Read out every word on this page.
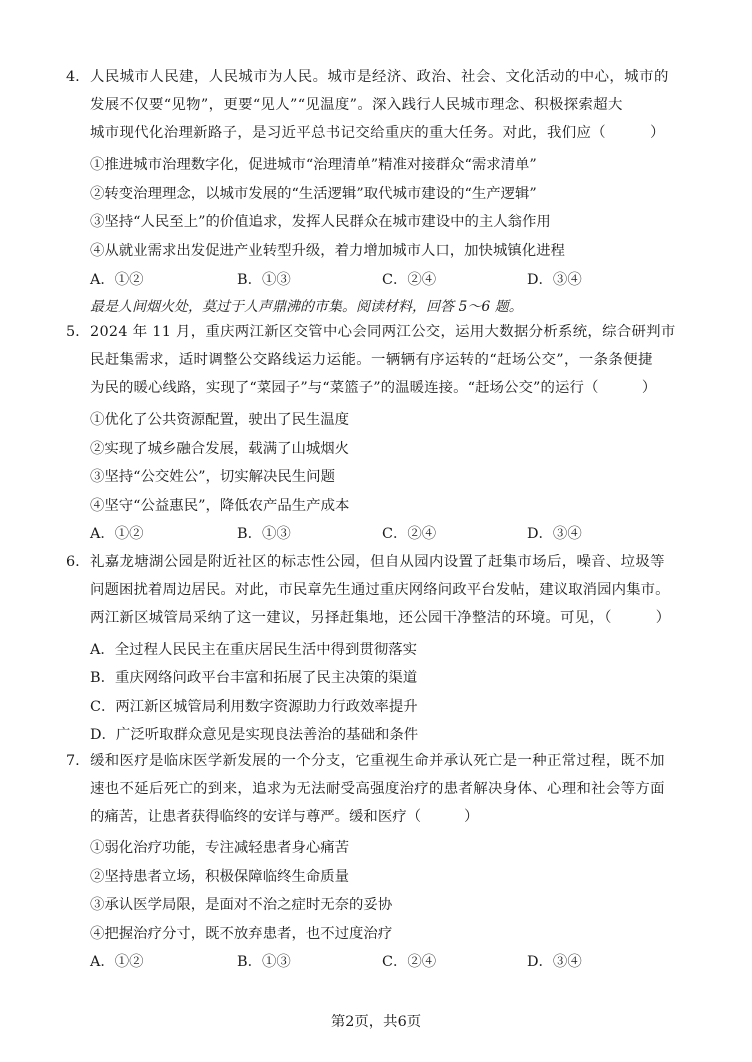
4. 人民城市人民建，人民城市为人民。城市是经济、政治、社会、文化活动的中心，城市的
发展不仅要“见物”，更要“见人”“见温度”。深入践行人民城市理念、积极探索超大
城市现代化治理新路子，是习近平总书记交给重庆的重大任务。对此，我们应（　　　）
①推进城市治理数字化，促进城市“治理清单”精准对接群众“需求清单”
②转变治理理念，以城市发展的“生活逻辑”取代城市建设的“生产逻辑”
③坚持“人民至上”的价值追求，发挥人民群众在城市建设中的主人翁作用
④从就业需求出发促进产业转型升级，着力增加城市人口，加快城镇化进程
A．①②	B．①③	C．②④	D．③④
最是人间烟火处，莫过于人声鼎沸的市集。阅读材料，回答 5～6 题。
5. 2024 年 11 月，重庆两江新区交管中心会同两江公交，运用大数据分析系统，综合研判市
民赶集需求，适时调整公交路线运力运能。一辆辆有序运转的“赶场公交”，一条条便捷
为民的暖心线路，实现了“菜园子”与“菜篮子”的温暖连接。“赶场公交”的运行（　　　）
①优化了公共资源配置，驶出了民生温度
②实现了城乡融合发展，载满了山城烟火
③坚持“公交姓公”，切实解决民生问题
④坚守“公益惠民”，降低农产品生产成本
A．①②	B．①③	C．②④	D．③④
6. 礼嘉龙塘湖公园是附近社区的标志性公园，但自从园内设置了赶集市场后，噪音、垃圾等
问题困扰着周边居民。对此，市民章先生通过重庆网络问政平台发帖，建议取消园内集市。
两江新区城管局采纳了这一建议，另择赶集地，还公园干净整洁的环境。可见，（　　　）
A．全过程人民民主在重庆居民生活中得到贯彻落实
B．重庆网络问政平台丰富和拓展了民主决策的渠道
C．两江新区城管局利用数字资源助力行政效率提升
D．广泛听取群众意见是实现良法善治的基础和条件
7. 缓和医疗是临床医学新发展的一个分支，它重视生命并承认死亡是一种正常过程，既不加
速也不延后死亡的到来，追求为无法耐受高强度治疗的患者解决身体、心理和社会等方面
的痛苦，让患者获得临终的安详与尊严。缓和医疗（　　　）
①弱化治疗功能，专注减轻患者身心痛苦
②坚持患者立场，积极保障临终生命质量
③承认医学局限，是面对不治之症时无奈的妥协
④把握治疗分寸，既不放弃患者，也不过度治疗
A．①②	B．①③	C．②④	D．③④
第2页，共6页
